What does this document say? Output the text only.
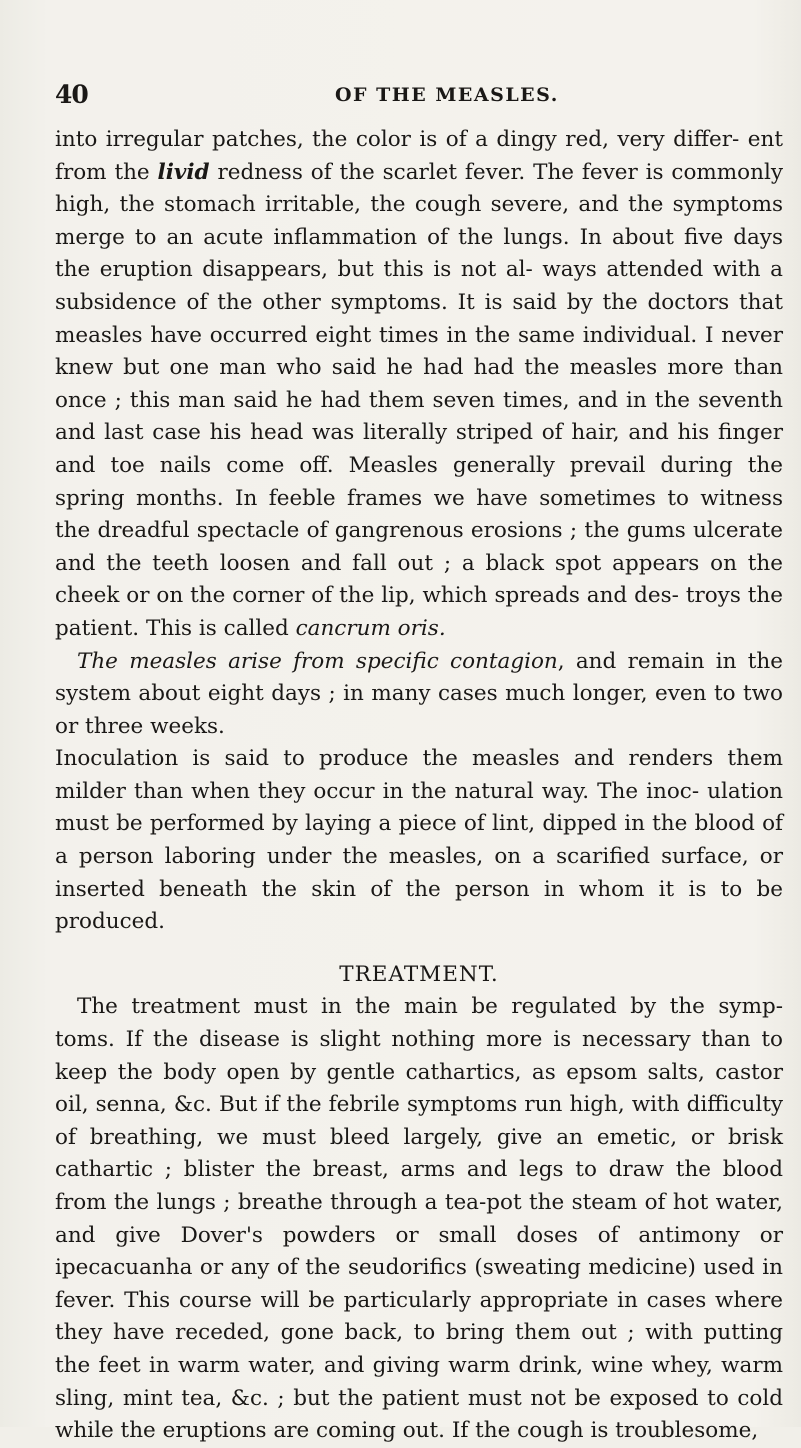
40	OF THE MEASLES.

into irregular patches, the color is of a dingy red, very differ- ent from the livid redness of the scarlet fever. The fever is commonly high, the stomach irritable, the cough severe, and the symptoms merge to an acute inflammation of the lungs. In about five days the eruption disappears, but this is not al- ways attended with a subsidence of the other symptoms. It is said by the doctors that measles have occurred eight times in the same individual. I never knew but one man who said he had had the measles more than once ; this man said he had them seven times, and in the seventh and last case his head was literally striped of hair, and his finger and toe nails come off. Measles generally prevail during the spring months. In feeble frames we have sometimes to witness the dreadful spectacle of gangrenous erosions ; the gums ulcerate and the teeth loosen and fall out ; a black spot appears on the cheek or on the corner of the lip, which spreads and des- troys the patient. This is called cancrum oris.

The measles arise from specific contagion, and remain in the system about eight days ; in many cases much longer, even to two or three weeks.

Inoculation is said to produce the measles and renders them milder than when they occur in the natural way. The inoc- ulation must be performed by laying a piece of lint, dipped in the blood of a person laboring under the measles, on a scarified surface, or inserted beneath the skin of the person in whom it is to be produced.

TREATMENT.

The treatment must in the main be regulated by the symp- toms. If the disease is slight nothing more is necessary than to keep the body open by gentle cathartics, as epsom salts, castor oil, senna, &c. But if the febrile symptoms run high, with difficulty of breathing, we must bleed largely, give an emetic, or brisk cathartic ; blister the breast, arms and legs to draw the blood from the lungs ; breathe through a tea-pot the steam of hot water, and give Dover's powders or small doses of antimony or ipecacuanha or any of the seudorifics (sweating medicine) used in fever. This course will be particularly appropriate in cases where they have receded, gone back, to bring them out ; with putting the feet in warm water, and giving warm drink, wine whey, warm sling, mint tea, &c. ; but the patient must not be exposed to cold while the eruptions are coming out. If the cough is troublesome,
